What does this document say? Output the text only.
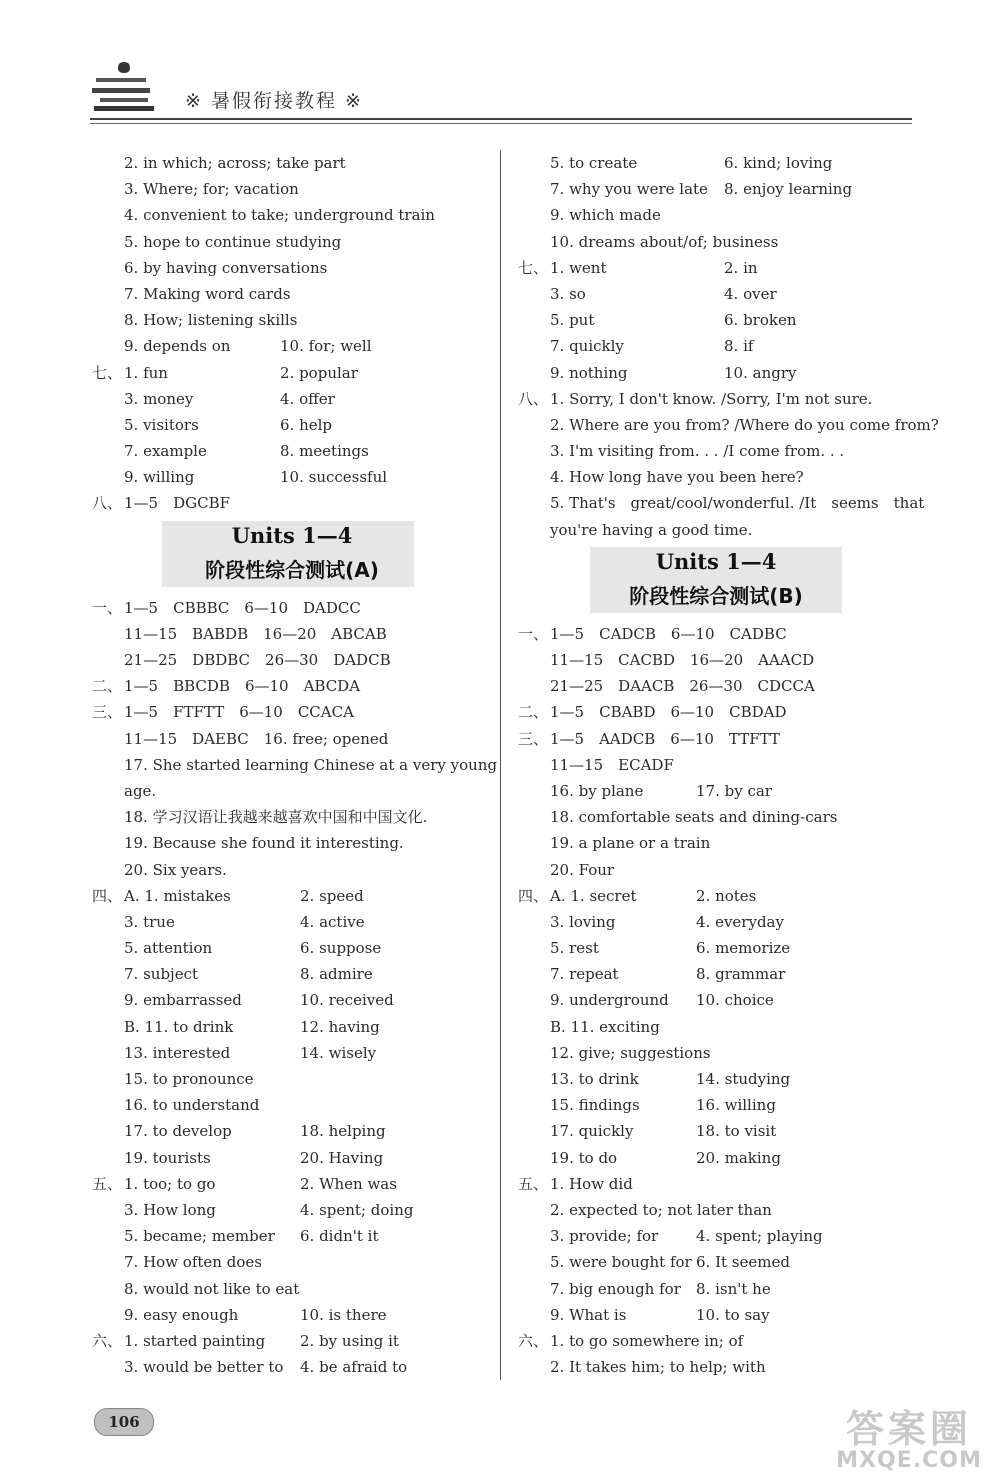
※ 暑假衔接教程 ※
2. in which; across; take part
3. Where; for; vacation
4. convenient to take; underground train
5. hope to continue studying
6. by having conversations
7. Making word cards
8. How; listening skills
9. depends on	10. for; well
七、 1. fun	2. popular
3. money	4. offer
5. visitors	6. help
7. example	8. meetings
9. willing	10. successful
八、 1—5　DGCBF
Units 1—4
阶段性综合测试(A)
一、 1—5　CBBBC　6—10　DADCC
11—15　BABDB　16—20　ABCAB
21—25　DBDBC　26—30　DADCB
二、 1—5　BBCDB　6—10　ABCDA
三、 1—5　FTFTT　6—10　CCACA
11—15　DAEBC　16. free; opened
17. She started learning Chinese at a very young
age.
18. 学习汉语让我越来越喜欢中国和中国文化.
19. Because she found it interesting.
20. Six years.
四、 A. 1. mistakes	2. speed
3. true	4. active
5. attention	6. suppose
7. subject	8. admire
9. embarrassed	10. received
B. 11. to drink	12. having
13. interested	14. wisely
15. to pronounce
16. to understand
17. to develop	18. helping
19. tourists	20. Having
五、 1. too; to go	2. When was
3. How long	4. spent; doing
5. became; member 6. didn't it
7. How often does
8. would not like to eat
9. easy enough	10. is there
六、 1. started painting 2. by using it
3. would be better to 4. be afraid to
5. to create	6. kind; loving
7. why you were late 8. enjoy learning
9. which made
10. dreams about/of; business
七、 1. went	2. in
3. so	4. over
5. put	6. broken
7. quickly	8. if
9. nothing	10. angry
八、 1. Sorry, I don't know. /Sorry, I'm not sure.
2. Where are you from? /Where do you come from?
3. I'm visiting from. . . /I come from. . .
4. How long have you been here?
5. That's　great/cool/wonderful. /It　seems　that
you're having a good time.
Units 1—4
阶段性综合测试(B)
一、 1—5　CADCB　6—10　CADBC
11—15　CACBD　16—20　AAACD
21—25　DAACB　26—30　CDCCA
二、 1—5　CBABD　6—10　CBDAD
三、 1—5　AADCB　6—10　TTFTT
11—15　ECADF
16. by plane	17. by car
18. comfortable seats and dining-cars
19. a plane or a train
20. Four
四、 A. 1. secret	2. notes
3. loving	4. everyday
5. rest	6. memorize
7. repeat	8. grammar
9. underground 10. choice
B. 11. exciting
12. give; suggestions
13. to drink	14. studying
15. findings	16. willing
17. quickly	18. to visit
19. to do	20. making
五、 1. How did
2. expected to; not later than
3. provide; for	4. spent; playing
5. were bought for 6. It seemed
7. big enough for 8. isn't he
9. What is	10. to say
六、 1. to go somewhere in; of
2. It takes him; to help; with
106	答案圈
MXQE.COM
